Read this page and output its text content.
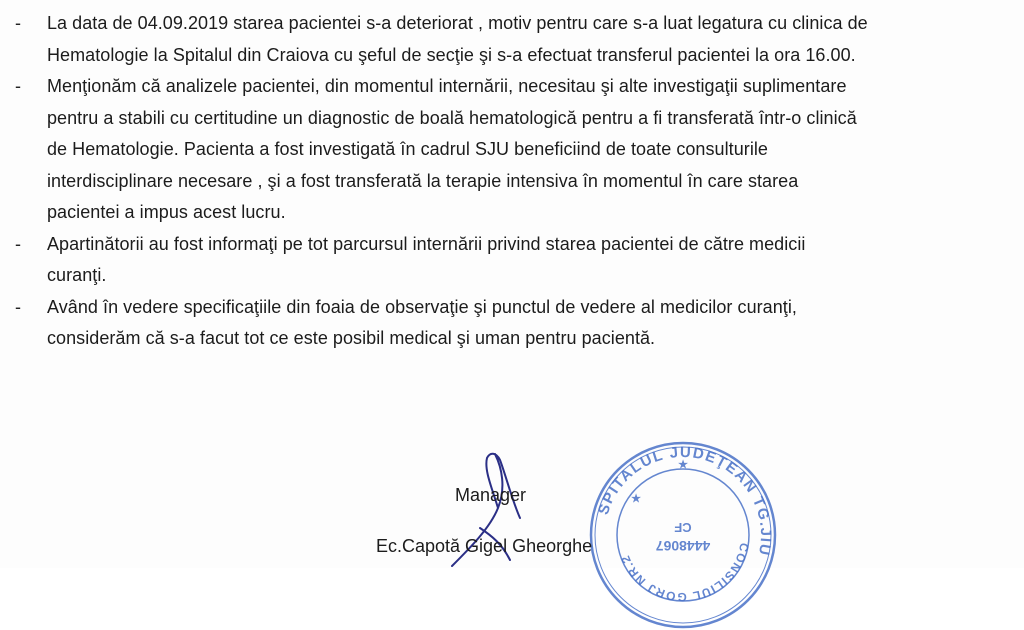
- La data de 04.09.2019 starea pacientei s-a deteriorat , motiv pentru care s-a luat legatura cu clinica de
Hematologie la Spitalul din Craiova cu şeful de secţie şi s-a efectuat transferul pacientei la ora 16.00.
- Menţionăm că analizele pacientei, din momentul internării, necesitau şi alte investigaţii suplimentare
pentru a stabili cu certitudine un diagnostic de boală hematologică pentru a fi transferată într-o clinică
de Hematologie. Pacienta a fost investigată în cadrul SJU beneficiind de toate consulturile
interdisciplinare necesare , şi a fost transferată la terapie intensiva în momentul în care starea
pacientei a impus acest lucru.
- Apartinătorii au fost informaţi pe tot parcursul internării privind starea pacientei de către medicii
curanţi.
- Având în vedere specificaţiile din foaia de observaţie şi punctul de vedere al medicilor curanţi,
considerăm că s-a facut tot ce este posibil medical şi uman pentru pacientă.
SPITALUL JUDEŢEAN TG.JIU
CONSILIUL GORJ NR.2
★
★
4448067
CF
Manager
Ec.Capotă Gigel Gheorghe
